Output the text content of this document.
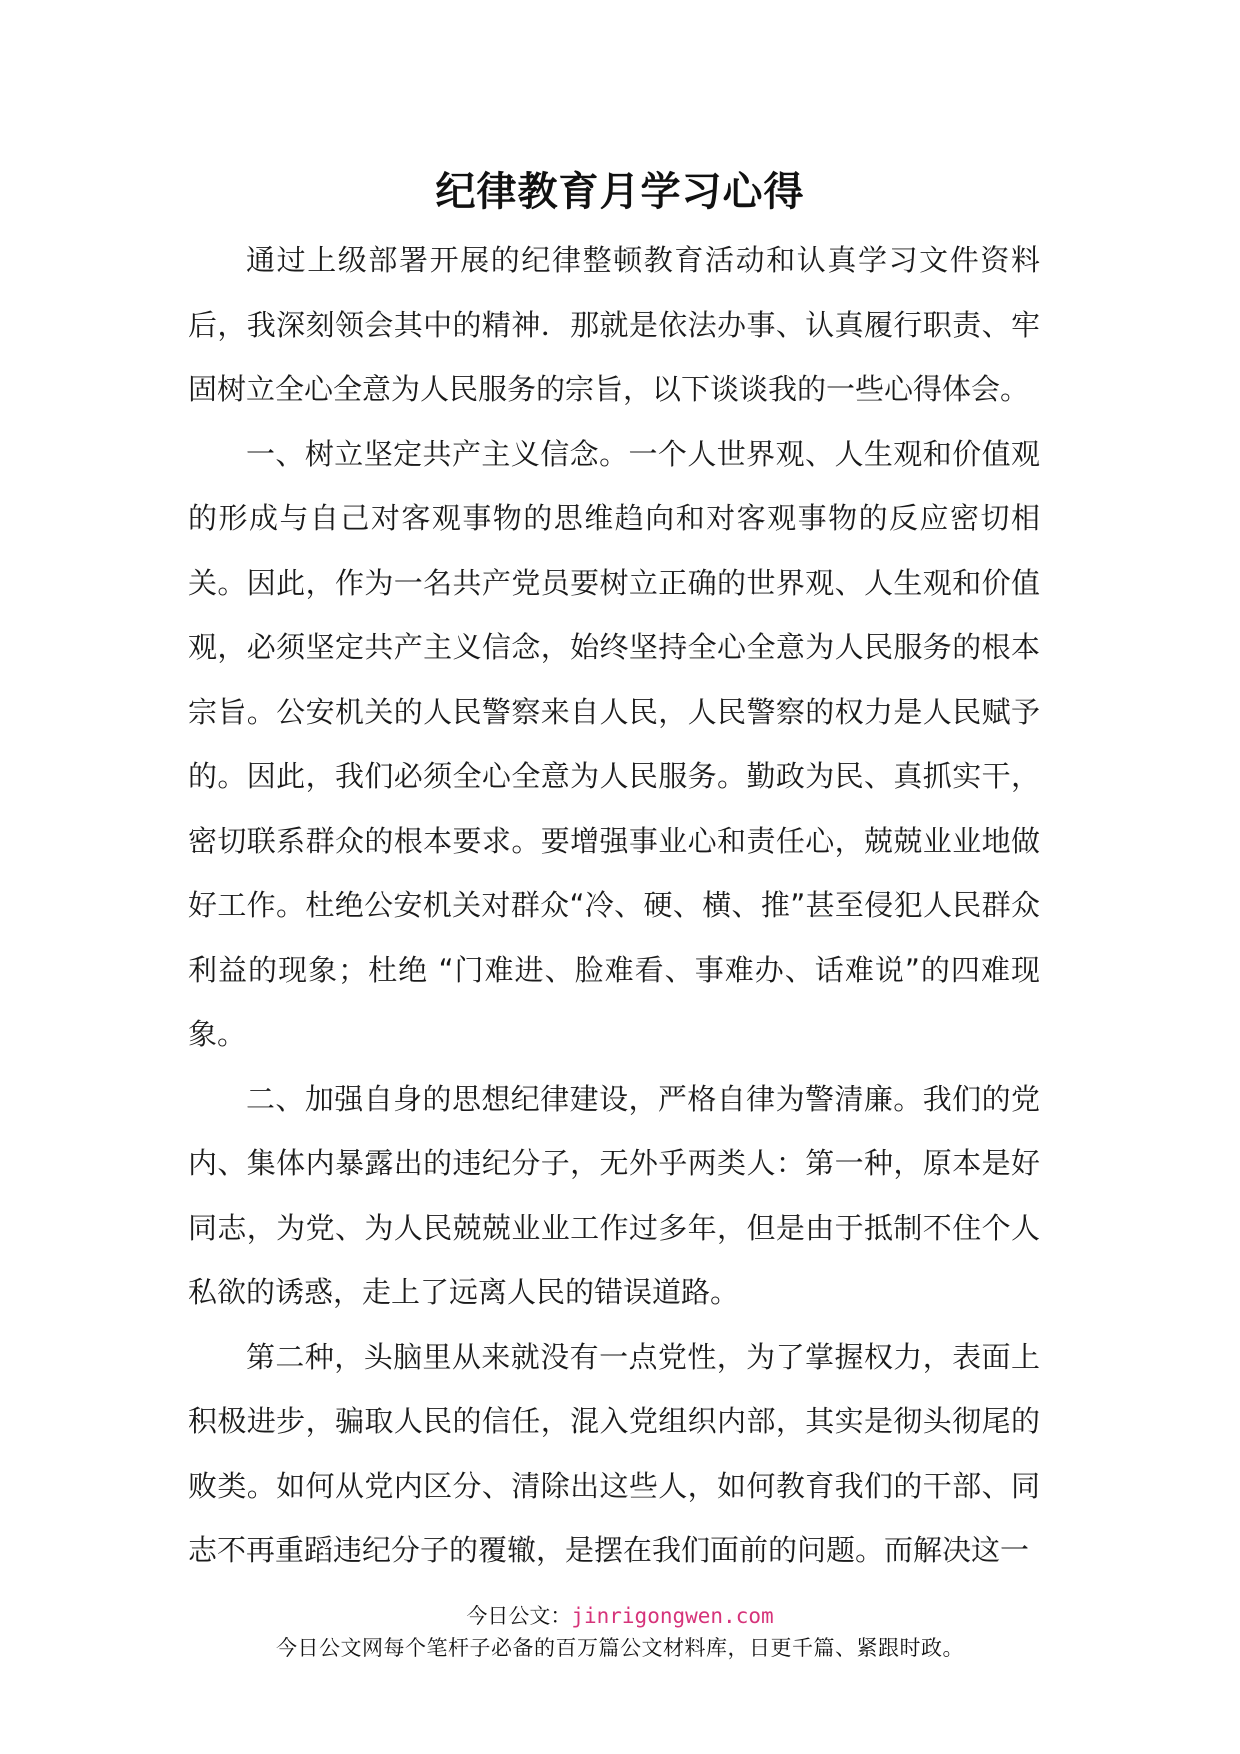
纪律教育月学习心得

通过上级部署开展的纪律整顿教育活动和认真学习文件资料后，我深刻领会其中的精神．那就是依法办事、认真履行职责、牢固树立全心全意为人民服务的宗旨，以下谈谈我的一些心得体会。

一、树立坚定共产主义信念。一个人世界观、人生观和价值观的形成与自己对客观事物的思维趋向和对客观事物的反应密切相关。因此，作为一名共产党员要树立正确的世界观、人生观和价值观，必须坚定共产主义信念，始终坚持全心全意为人民服务的根本宗旨。公安机关的人民警察来自人民，人民警察的权力是人民赋予的。因此，我们必须全心全意为人民服务。勤政为民、真抓实干，密切联系群众的根本要求。要增强事业心和责任心，兢兢业业地做好工作。杜绝公安机关对群众“冷、硬、横、推”甚至侵犯人民群众利益的现象；杜绝 “门难进、脸难看、事难办、话难说”的四难现象。

二、加强自身的思想纪律建设，严格自律为警清廉。我们的党内、集体内暴露出的违纪分子，无外乎两类人：第一种，原本是好同志，为党、为人民兢兢业业工作过多年，但是由于抵制不住个人私欲的诱惑，走上了远离人民的错误道路。

第二种，头脑里从来就没有一点党性，为了掌握权力，表面上积极进步，骗取人民的信任，混入党组织内部，其实是彻头彻尾的败类。如何从党内区分、清除出这些人，如何教育我们的干部、同志不再重蹈违纪分子的覆辙，是摆在我们面前的问题。而解决这一

今日公文：jinrigongwen.com
今日公文网每个笔杆子必备的百万篇公文材料库，日更千篇、紧跟时政。
